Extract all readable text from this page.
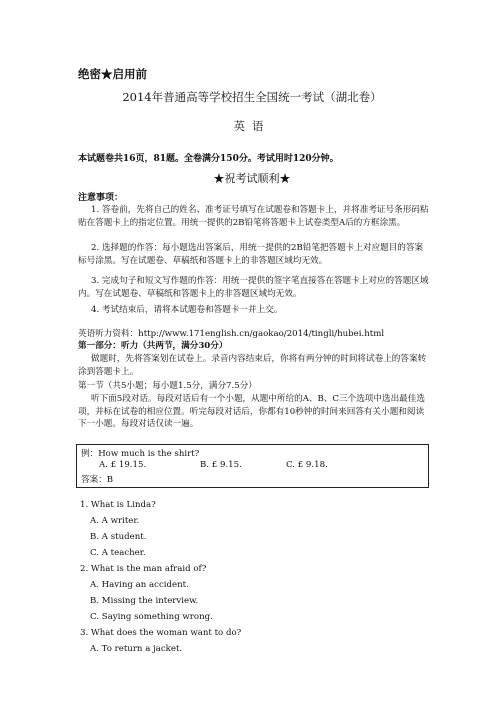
绝密★启用前
2014年普通高等学校招生全国统一考试（湖北卷）
英语
本试题卷共16页，81题。全卷满分150分。考试用时120分钟。
★祝考试顺利★
注意事项：
1. 答卷前，先将自己的姓名、准考证号填写在试题卷和答题卡上，并将准考证号条形码粘贴在答题卡上的指定位置。用统一提供的2B铅笔将答题卡上试卷类型A后的方框涂黑。
2. 选择题的作答：每小题选出答案后，用统一提供的2B铅笔把答题卡上对应题目的答案标号涂黑。写在试题卷、草稿纸和答题卡上的非答题区域均无效。
3. 完成句子和短文写作题的作答：用统一提供的签字笔直接答在答题卡上对应的答题区域内。写在试题卷、草稿纸和答题卡上的非答题区域均无效。
4. 考试结束后，请将本试题卷和答题卡一并上交。
英语听力资料：http://www.171english.cn/gaokao/2014/tingli/hubei.html
第一部分：听力（共两节，满分30分）
做题时，先将答案划在试卷上。录音内容结束后，你将有两分钟的时间将试卷上的答案转涂到答题卡上。
第一节（共5小题；每小题1.5分，满分7.5分）
听下面5段对话。每段对话后有一个小题，从题中所给的A、B、C三个选项中选出最佳选项，并标在试卷的相应位置。听完每段对话后，你都有10秒钟的时间来回答有关小题和阅读下一小题。每段对话仅读一遍。
例：How much is the shirt?
A. £ 19.15.	B. £ 9.15.	C. £ 9.18.
答案：B
1. What is Linda?
A. A writer.
B. A student.
C. A teacher.
2. What is the man afraid of?
A. Having an accident.
B. Missing the interview.
C. Saying something wrong.
3. What does the woman want to do?
A. To return a jacket.
